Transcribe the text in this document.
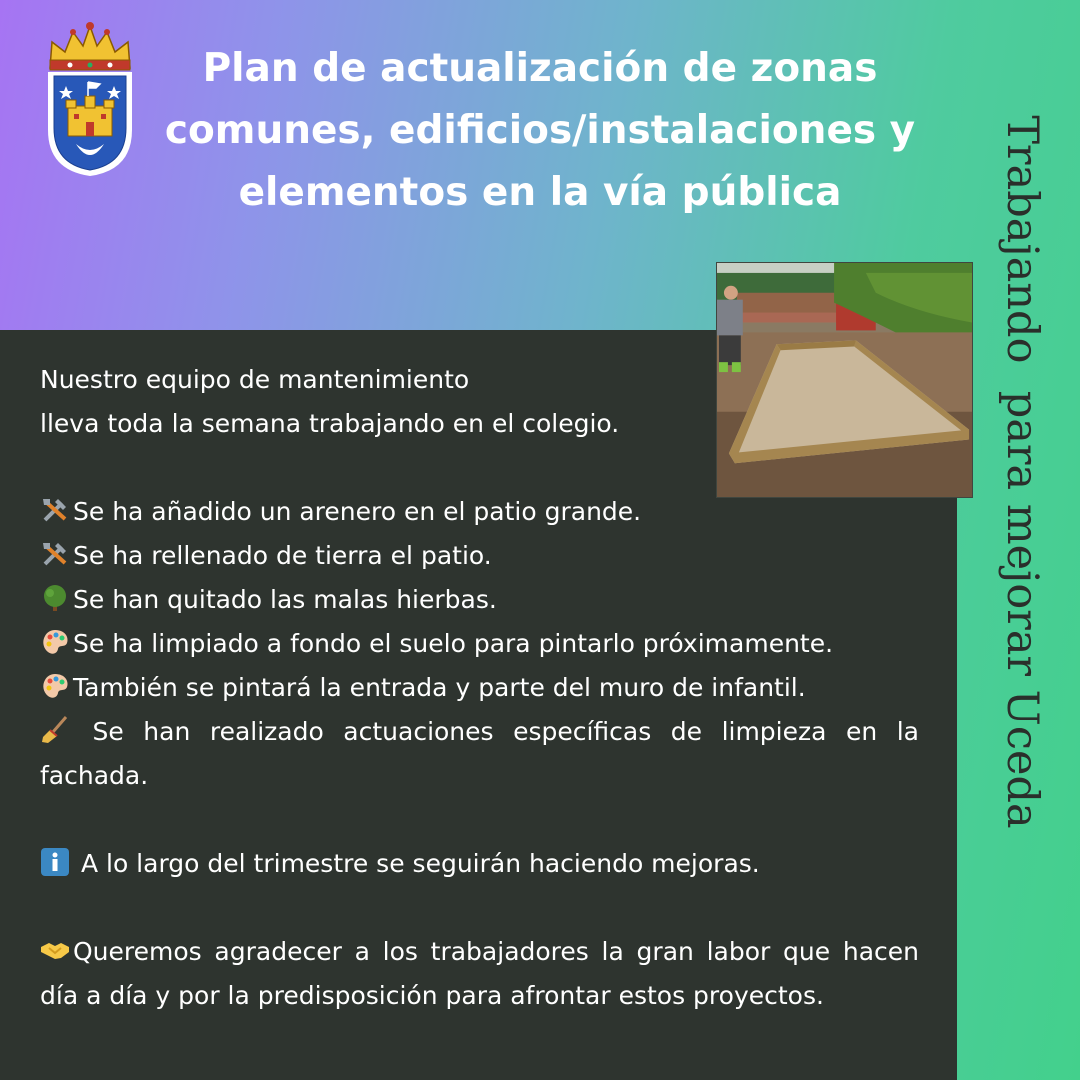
Plan de actualización de zonas comunes, edificios/instalaciones y elementos en la vía pública	Trabajando  para mejorar Uceda

Nuestro equipo de mantenimiento

lleva toda la semana trabajando en el colegio.

Se ha añadido un arenero en el patio grande.

Se ha rellenado de tierra el patio.

Se han quitado las malas hierbas.

Se ha limpiado a fondo el suelo para pintarlo próximamente.

También se pintará la entrada y parte del muro de infantil.

Se han realizado actuaciones específicas de limpieza en la fachada.

A lo largo del trimestre se seguirán haciendo mejoras.

Queremos agradecer a los trabajadores la gran labor que hacen día a día y por la predisposición para afrontar estos proyectos.
